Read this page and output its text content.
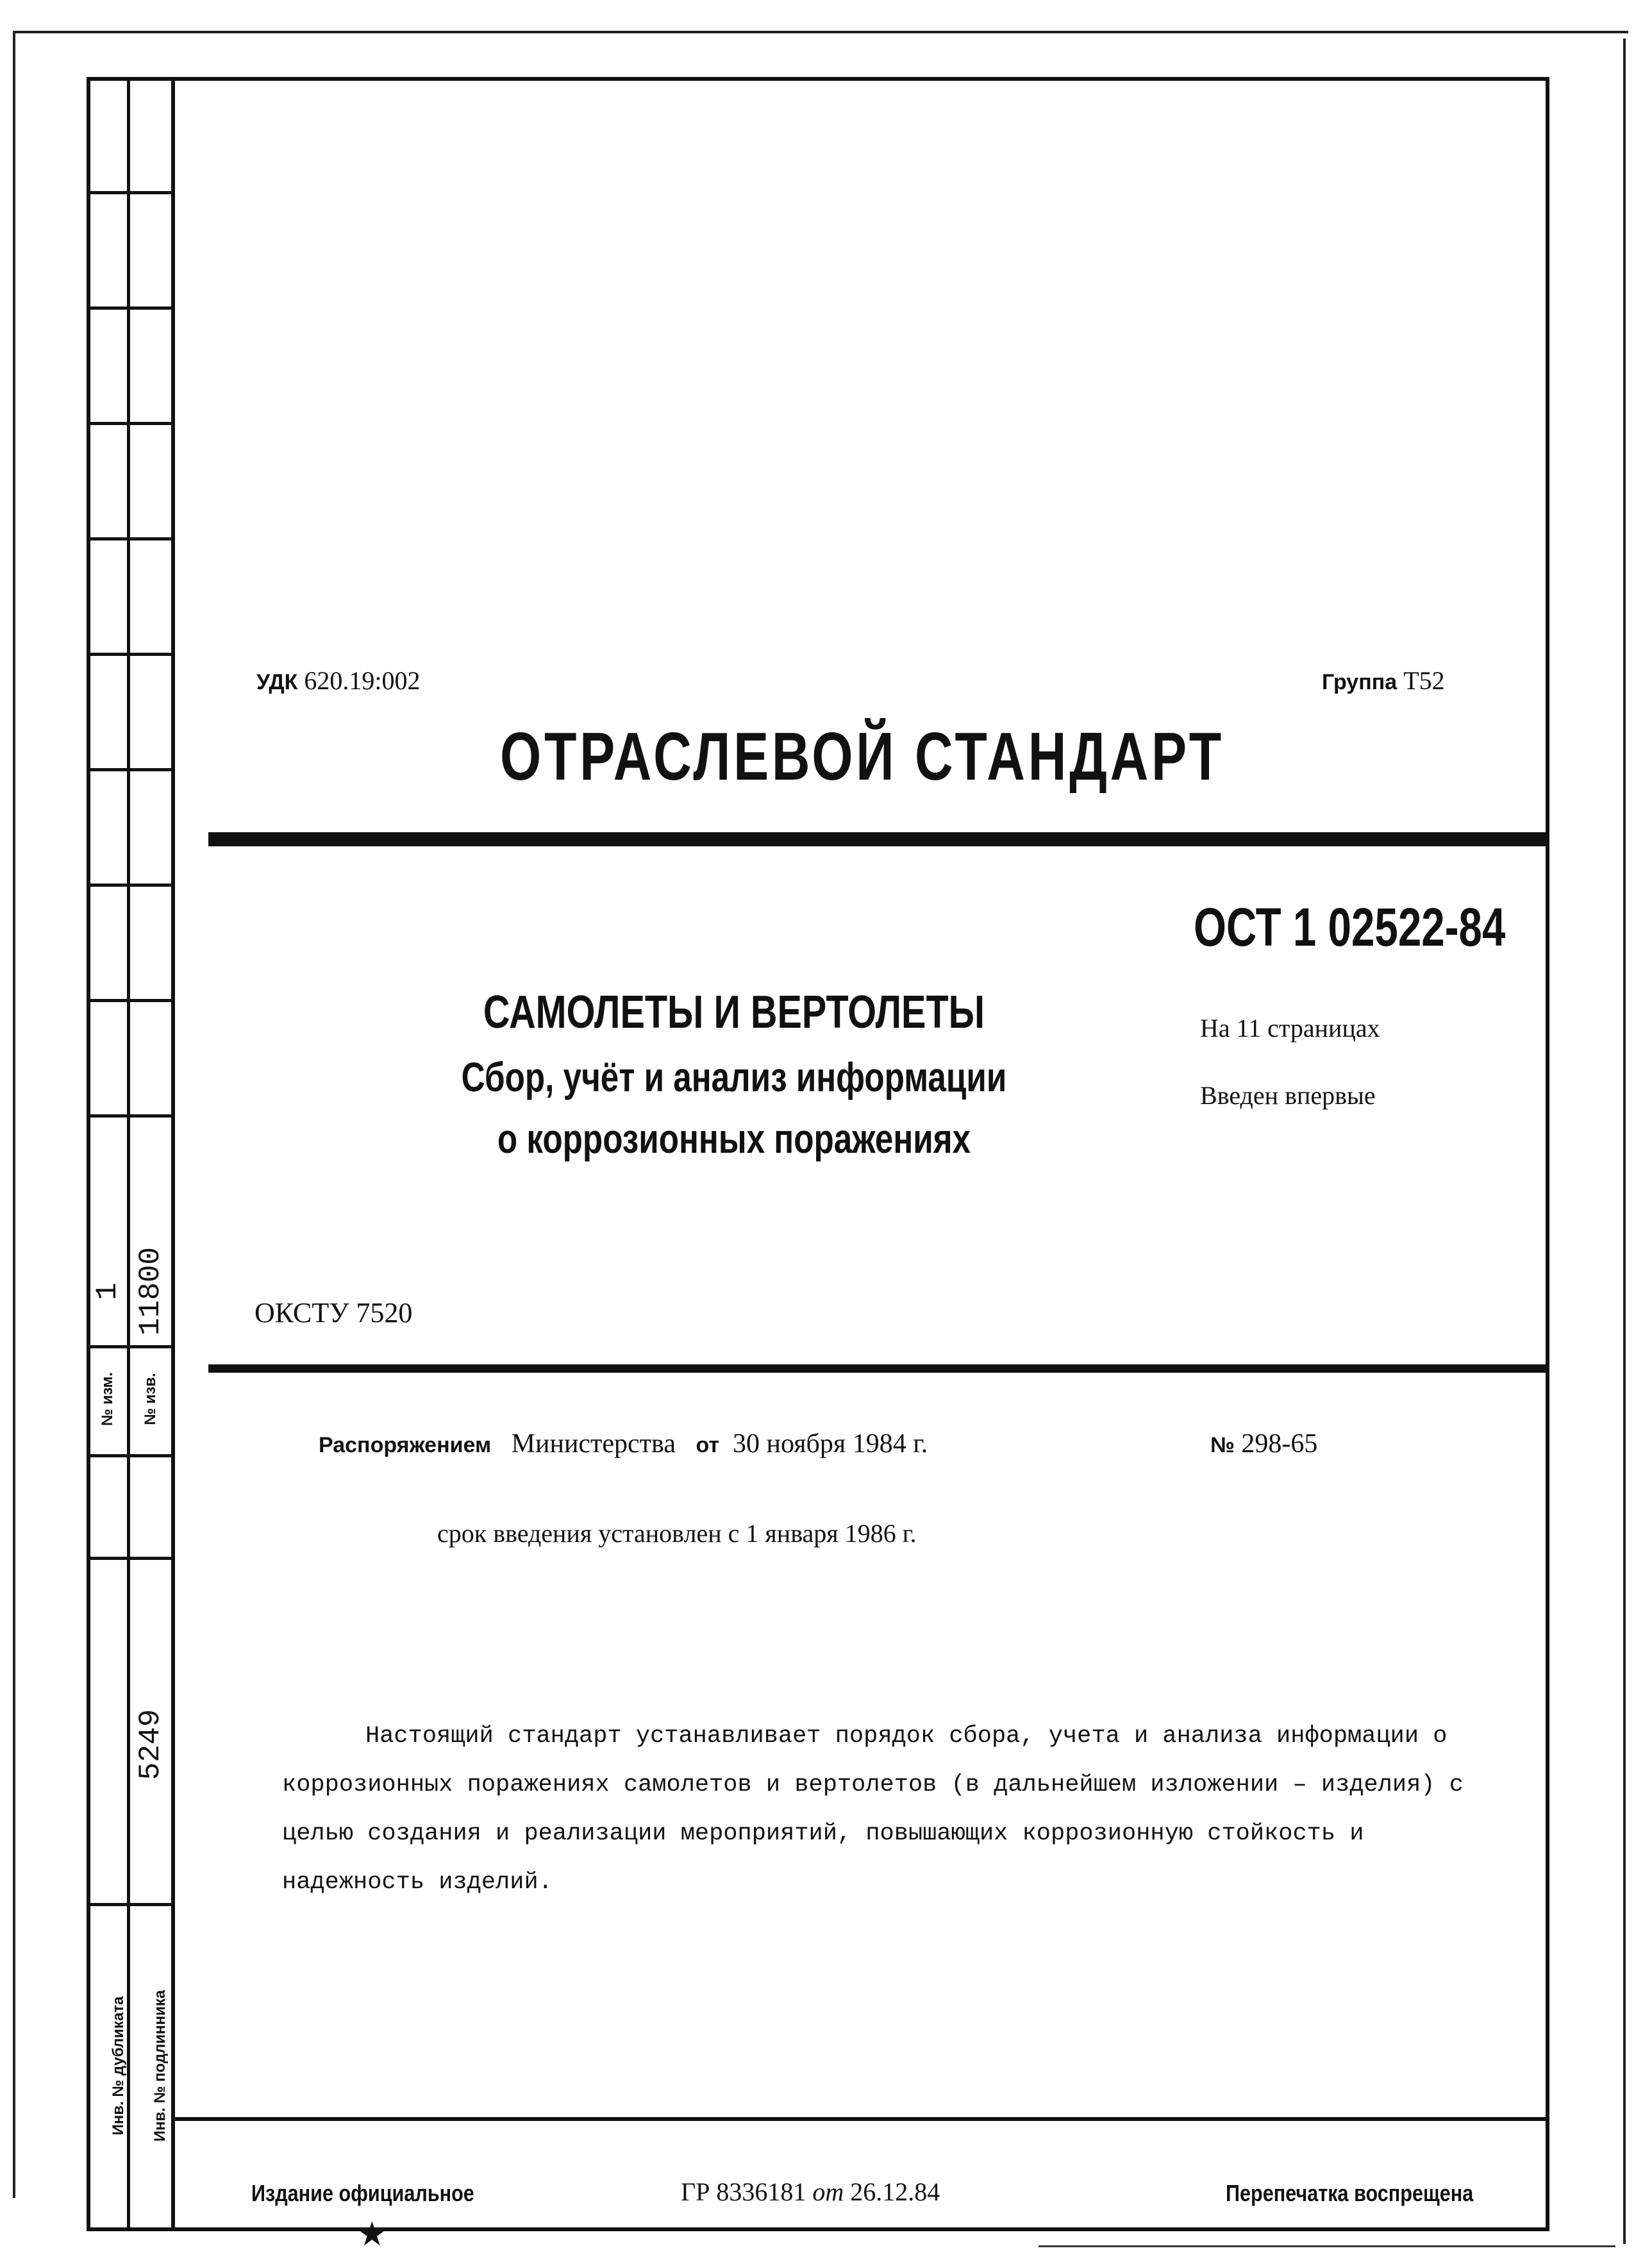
1 11800
№ изм. № изв.
5249
Инв. № дубликата Инв. № подлинника
УДК 620.19:002	Группа Т52
ОТРАСЛЕВОЙ СТАНДАРТ
ОСТ 1 02522-84
САМОЛЕТЫ И ВЕРТОЛЕТЫ
Сбор, учёт и анализ информации
о коррозионных поражениях
На 11 страницах
Введен впервые
ОКСТУ 7520
Распоряжением Министерства от 30 ноября 1984 г.	№ 298-65
срок введения установлен с 1 января 1986 г.

Настоящий стандарт устанавливает порядок сбора, учета и анализа информации о коррозионных поражениях самолетов и вертолетов (в дальнейшем изложении – изделия) с целью создания и реализации мероприятий, повышающих коррозионную стойкость и надежность изделий.

Издание официальное
★
ГР 8336181 от 26.12.84	Перепечатка воспрещена
